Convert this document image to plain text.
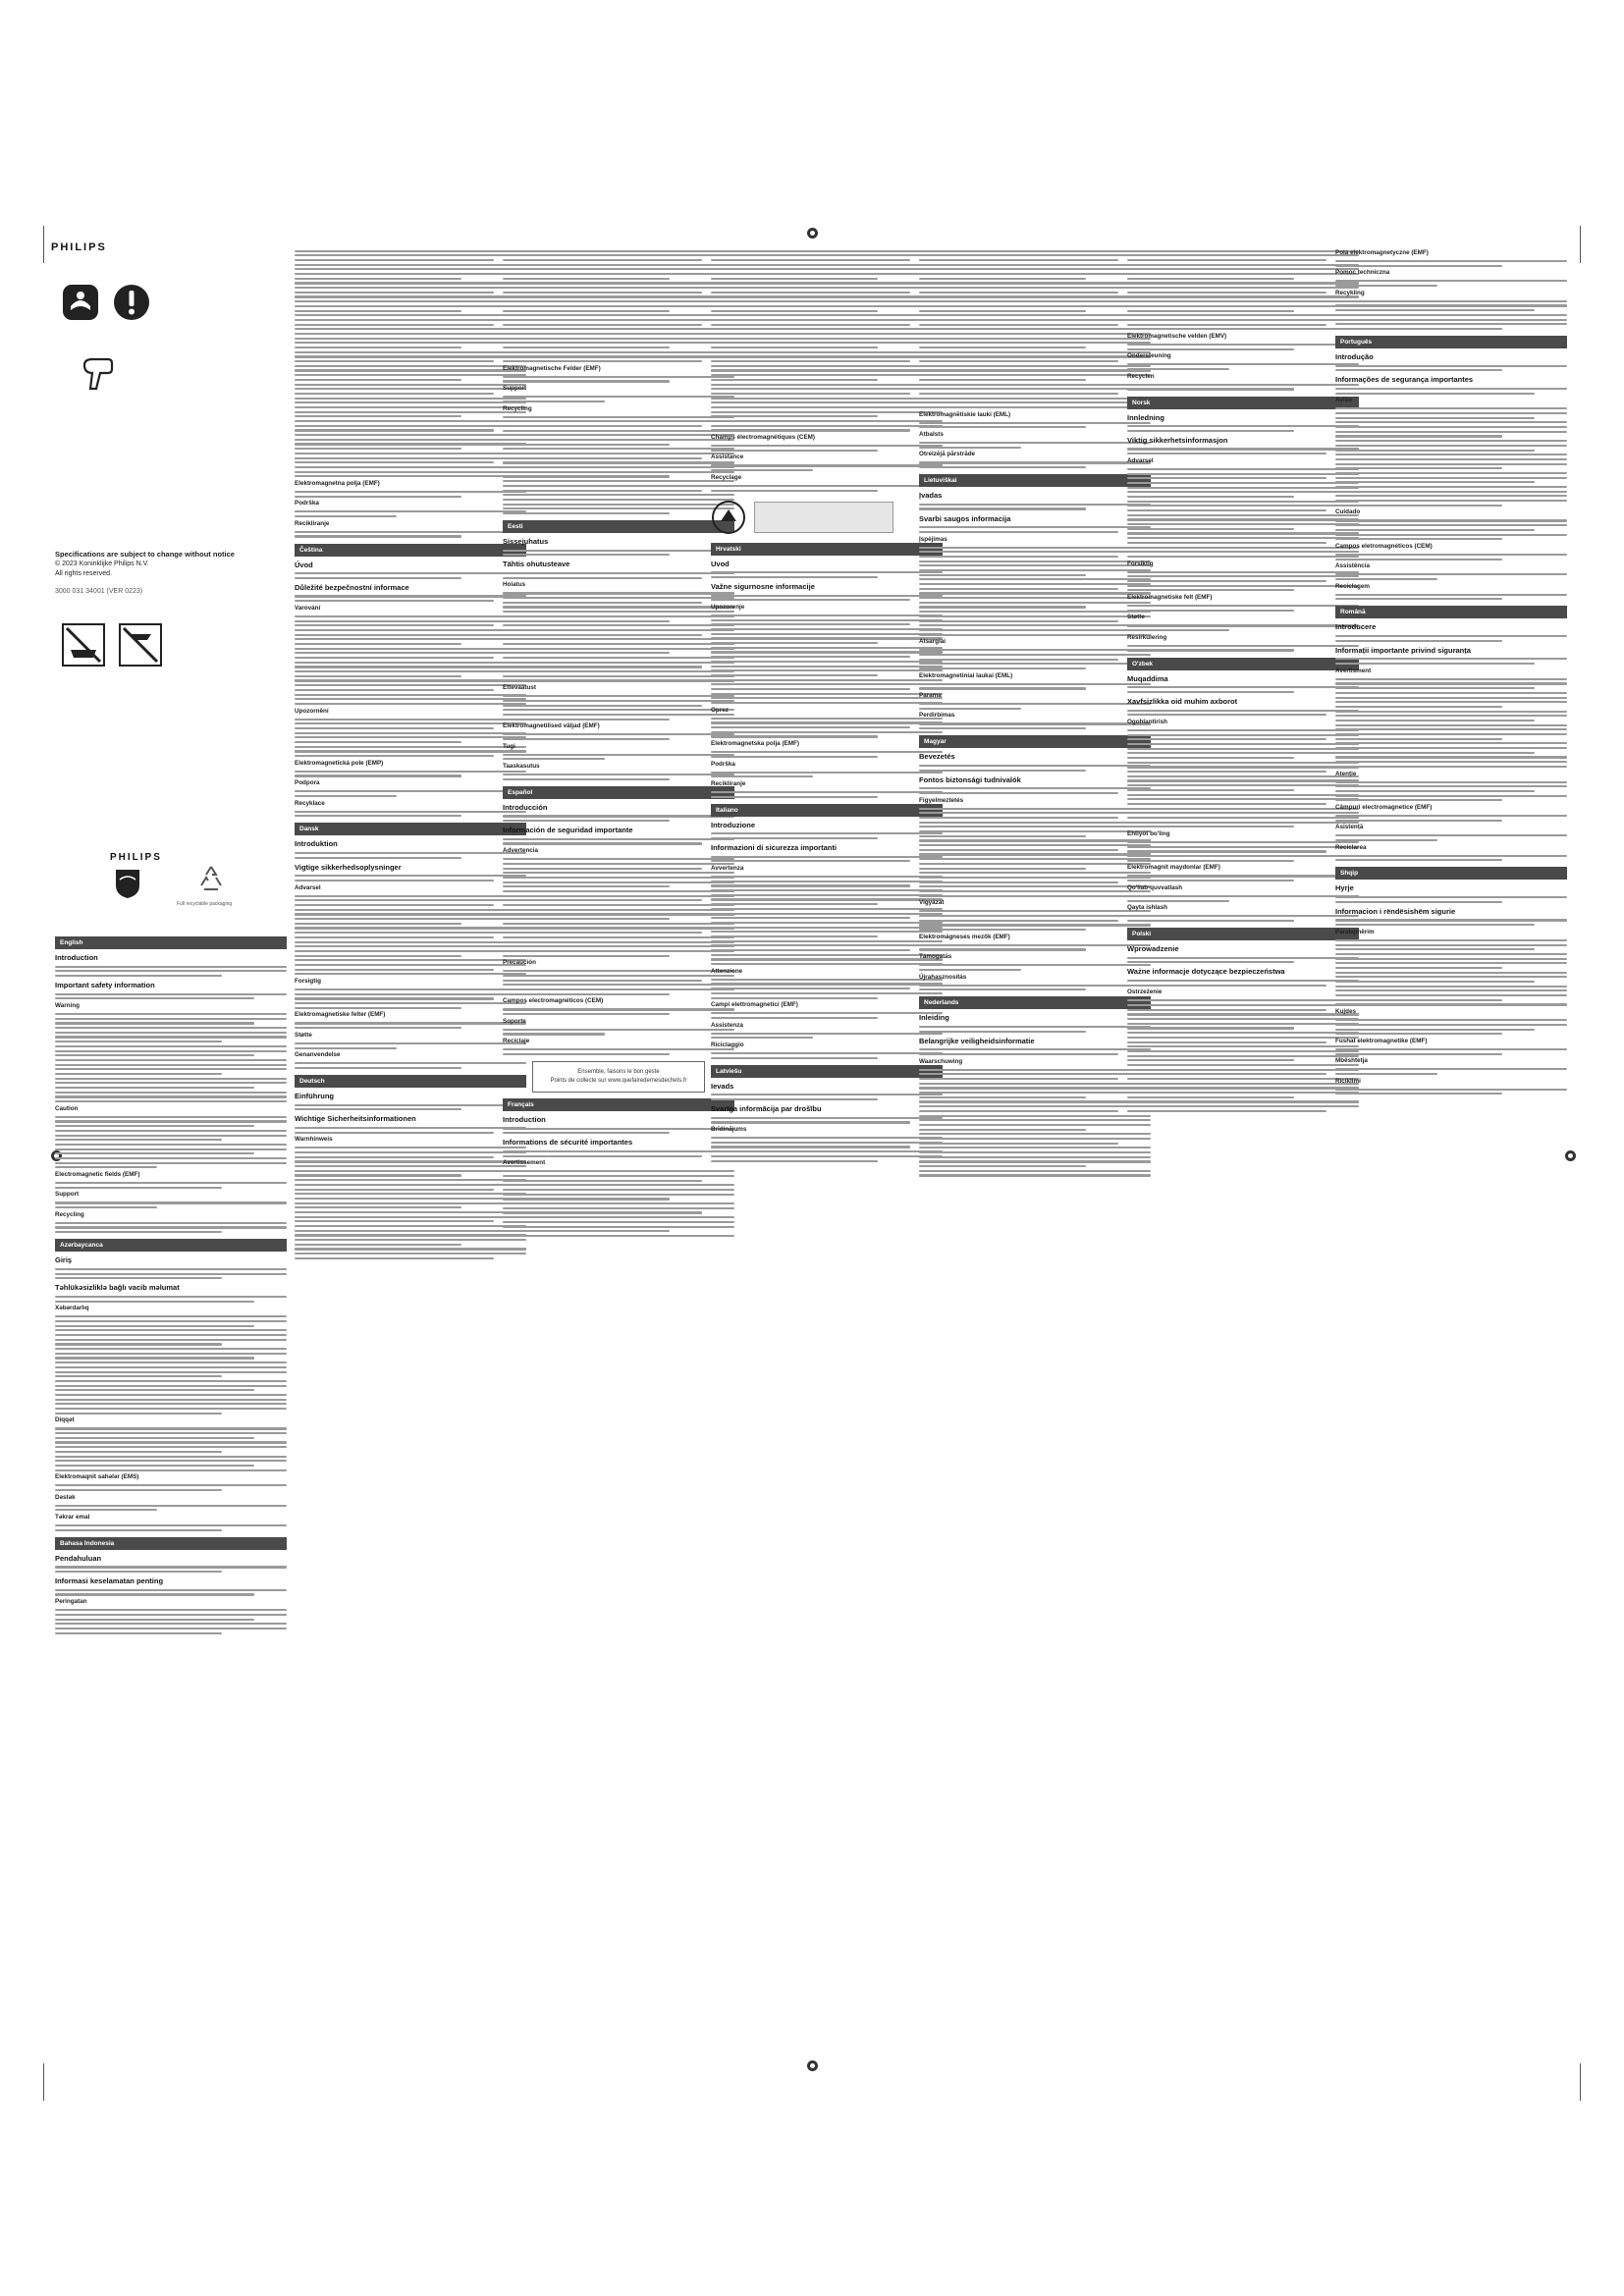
PHILIPS
Specifications are subject to change without notice
© 2023 Koninklijke Philips N.V.
All rights reserved.
3000 031 34001 (VER 0223)
PHILIPS
Full recyclable packaging
English
Introduction
Important safety information
Warning
Caution
Electromagnetic fields (EMF)
Support
Recycling
Azərbaycanca
Giriş
Təhlükəsizliklə bağlı vacib məlumat
Xəbərdarlıq
Diqqət
Elektromaqnit sahələr (EMS)
Dəstək
Təkrar emal
Bahasa Indonesia
Pendahuluan
Informasi keselamatan penting
Peringatan
Elektromagnetna polja (EMF)
Podrška
Recikliranje
Čeština
Úvod
Důležité bezpečnostní informace
Varování
Upozornění
Elektromagnetická pole (EMP)
Podpora
Recyklace
Dansk
Introduktion
Vigtige sikkerhedsoplysninger
Advarsel
Forsigtig
Elektromagnetiske felter (EMF)
Støtte
Genanvendelse
Deutsch
Einführung
Wichtige Sicherheitsinformationen
Warnhinweis
Elektromagnetische Felder (EMF)
Support
Recycling
Eesti
Sissejuhatus
Tähtis ohutusteave
Hoiatus
Ettevaatust
Elektromagnetilised väljad (EMF)
Tugi
Taaskasutus
Español
Introducción
Información de seguridad importante
Advertencia
Precaución
Campos electromagnéticos (CEM)
Soporte
Reciclaje
Ensemble, faisons le bon geste
Points de collecte sur www.quefairedemesdechets.fr
Français
Introduction
Informations de sécurité importantes
Avertissement
Champs électromagnétiques (CEM)
Assistance
Recyclage
Hrvatski
Uvod
Važne sigurnosne informacije
Upozorenje
Oprez
Elektromagnetska polja (EMF)
Podrška
Recikliranje
Italiano
Introduzione
Informazioni di sicurezza importanti
Avvertenza
Attenzione
Campi elettromagnetici (EMF)
Assistenza
Riciclaggio
Latviešu
Ievads
Svarīga informācija par drošību
Brīdinājums
Elektromagnētiskie lauki (EML)
Atbalsts
Otreizējā pārstrāde
Lietuviškai
Įvadas
Svarbi saugos informacija
Įspėjimas
Atsargiai
Elektromagnetiniai laukai (EML)
Parama
Perdirbimas
Magyar
Bevezetés
Fontos biztonsági tudnivalók
Figyelmeztetés
Vigyázat
Elektromágneses mezők (EMF)
Támogatás
Újrahasznosítás
Nederlands
Inleiding
Belangrijke veiligheidsinformatie
Waarschuwing
Elektromagnetische velden (EMV)
Ondersteuning
Recyclen
Norsk
Innledning
Viktig sikkerhetsinformasjon
Advarsel
Forsiktig
Elektromagnetiske felt (EMF)
Støtte
Resirkulering
O'zbek
Muqaddima
Xavfsizlikka oid muhim axborot
Ogohlantirish
Ehtiyot bo'ling
Elektromagnit maydonlar (EMF)
Qo'llab-quvvatlash
Qayta ishlash
Polski
Wprowadzenie
Ważne informacje dotyczące bezpieczeństwa
Ostrzeżenie
Pola elektromagnetyczne (EMF)
Pomoc techniczna
Recykling
Português
Introdução
Informações de segurança importantes
Aviso
Cuidado
Campos eletromagnéticos (CEM)
Assistência
Reciclagem
Română
Introducere
Informații importante privind siguranța
Avertisment
Atenție
Câmpuri electromagnetice (EMF)
Asistență
Reciclarea
Shqip
Hyrje
Informacion i rëndësishëm sigurie
Paralajmërim
Kujdes
Fushat elektromagnetike (EMF)
Mbështetja
Riciklimi
